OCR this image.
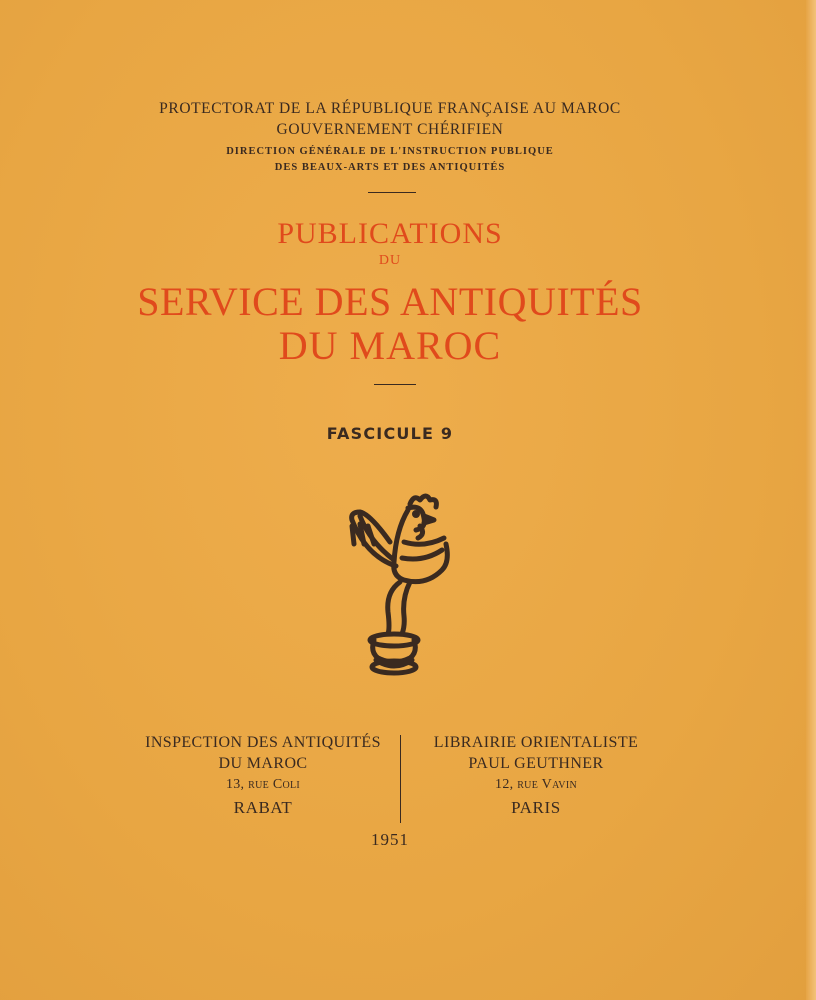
PROTECTORAT DE LA RÉPUBLIQUE FRANÇAISE AU MAROC
GOUVERNEMENT CHÉRIFIEN
DIRECTION GÉNÉRALE DE L'INSTRUCTION PUBLIQUE
DES BEAUX-ARTS ET DES ANTIQUITÉS
PUBLICATIONS
DU
SERVICE DES ANTIQUITÉS
DU MAROC
FASCICULE 9
INSPECTION DES ANTIQUITÉS
DU MAROC
13, rue Coli
RABAT
LIBRAIRIE ORIENTALISTE
PAUL GEUTHNER
12, rue Vavin
PARIS
1951
